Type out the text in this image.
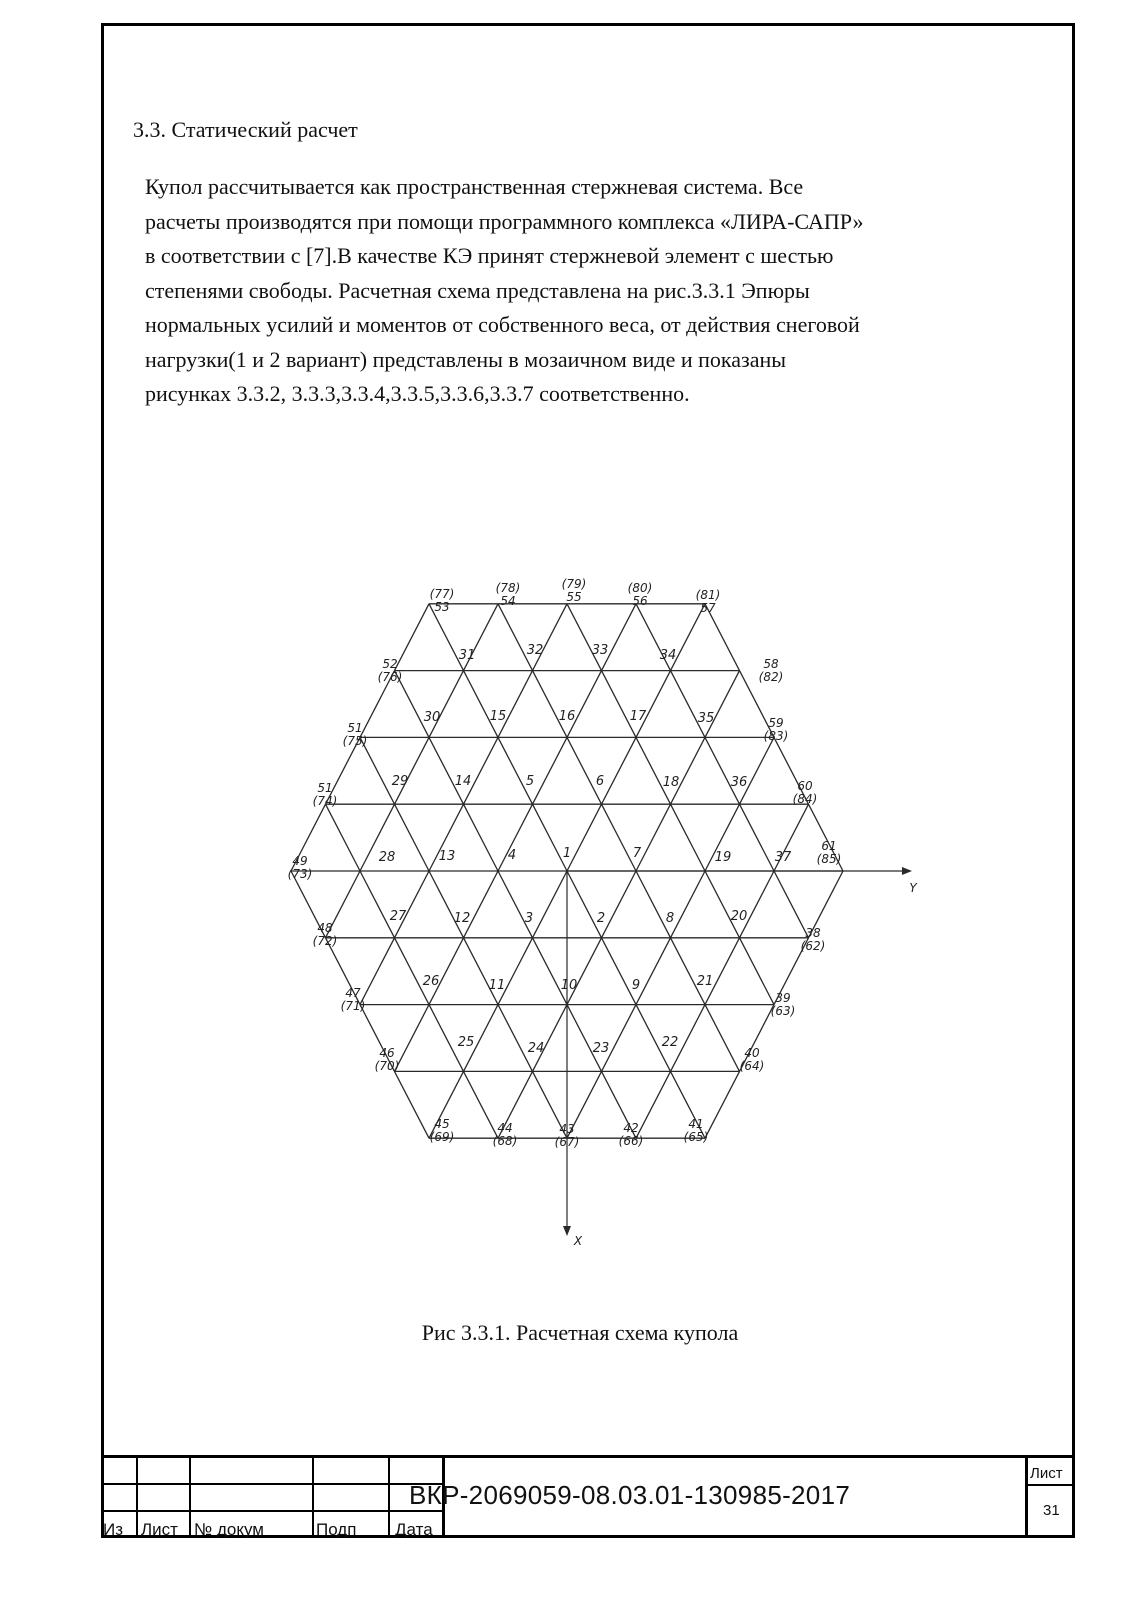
3.3. Статический расчет

Купол рассчитывается как пространственная стержневая система. Все

расчеты производятся при помощи программного комплекса «ЛИРА-САПР»

в соответствии с [7].В качестве КЭ принят стержневой элемент с шестью

степенями свободы. Расчетная схема представлена на рис.3.3.1 Эпюры

нормальных усилий и моментов от собственного веса, от действия снеговой

нагрузки(1 и 2 вариант) представлены в мозаичном виде и показаны

рисунках 3.3.2, 3.3.3,3.3.4,3.3.5,3.3.6,3.3.7 соответственно.

Y
X
1
2
3
4
5	6
7
8
9
10
11
12
13
14
15	16	17
18
19
20
21
22
23
24
25
26
27
28
29
30
31	32	33	34
35
36
37
(77)
53
(78)
54
(79)
55
(80)
56	(81)
57
58
(82)
59
(83)
60
(84)
61
(85)
38
(62)
39
(63)
40
(64)
41
(65)
42
(66)
43
(67)
44
(68)
45
(69)
46
(70)
47
(71)
48
(72)
49
(73)
51
(74)
51
(75)
52
(76)
Рис 3.3.1. Расчетная схема купола
Из	Лист № докум	Подп	Дата
ВКР-2069059-08.03.01-130985-2017
Лист
31
